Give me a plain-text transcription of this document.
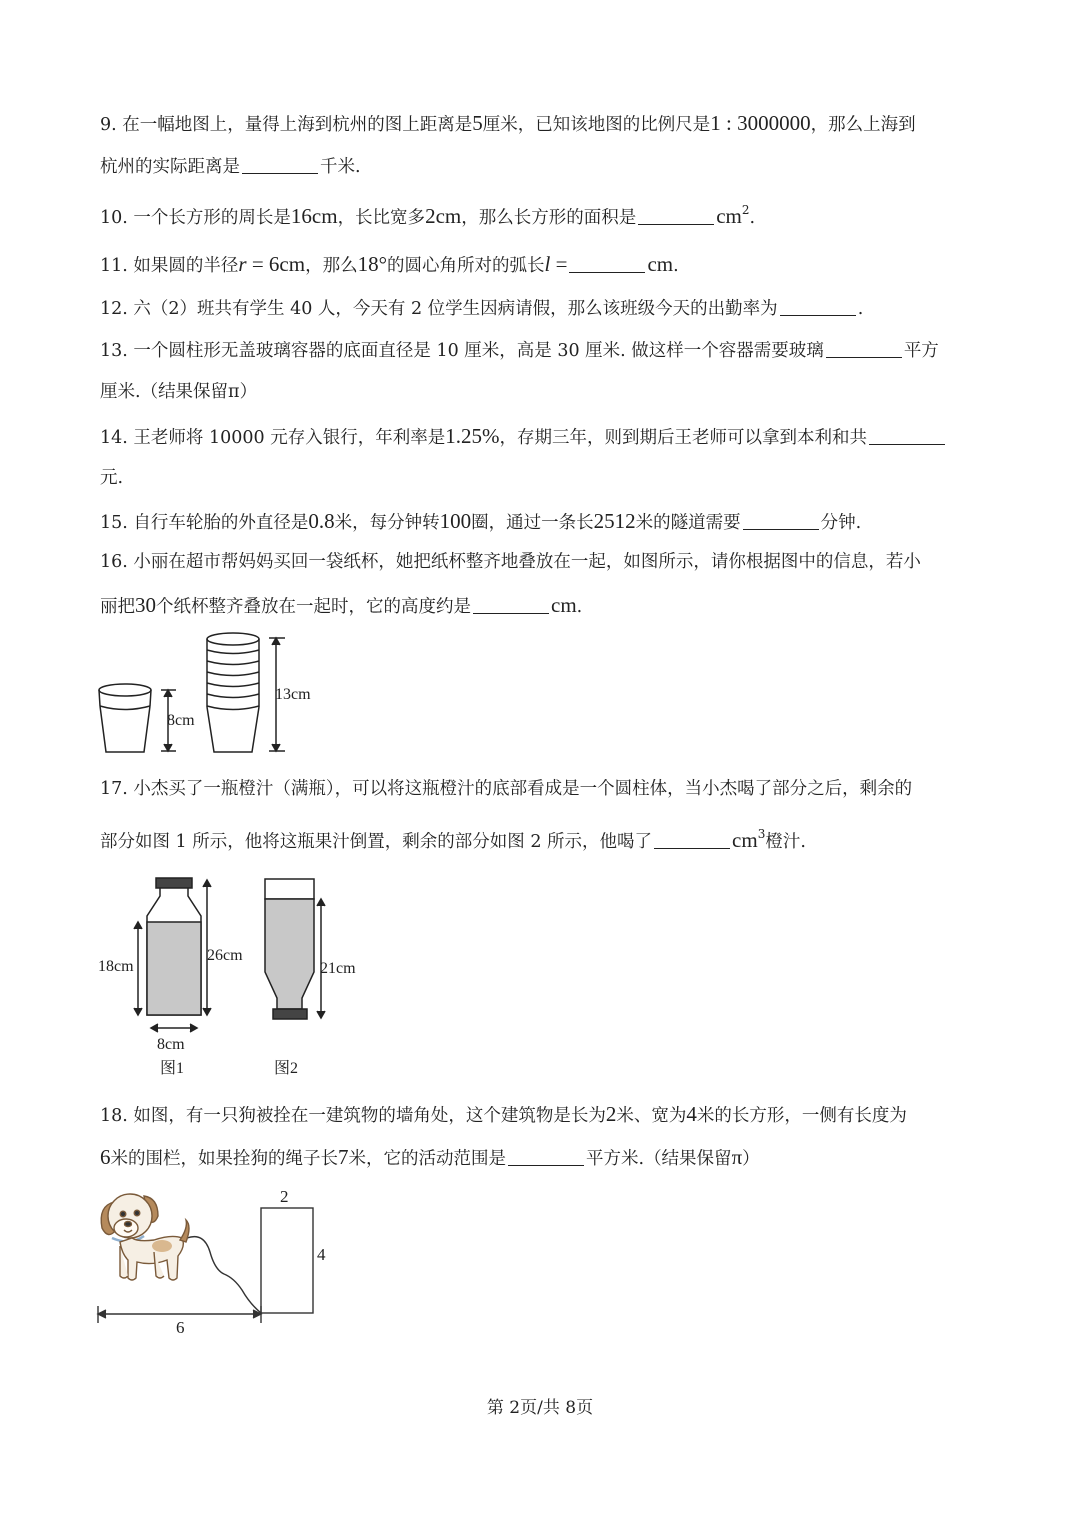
9. 在一幅地图上，量得上海到杭州的图上距离是5厘米，已知该地图的比例尺是1 : 3000000，那么上海到
杭州的实际距离是	千米.
10. 一个长方形的周长是16cm，长比宽多2cm，那么长方形的面积是	$cm^2$.
11. 如果圆的半径r = 6cm，那么18°的圆心角所对的弧长l =	cm.
12. 六（2）班共有学生 40 人，今天有 2 位学生因病请假，那么该班级今天的出勤率为	.
13. 一个圆柱形无盖玻璃容器的底面直径是 10 厘米，高是 30 厘米. 做这样一个容器需要玻璃	平方
厘米.（结果保留π）
14. 王老师将 10000 元存入银行，年利率是1.25%，存期三年，则到期后王老师可以拿到本利和共
元.
15. 自行车轮胎的外直径是0.8米，每分钟转100圈，通过一条长2512米的隧道需要	分钟.
16. 小丽在超市帮妈妈买回一袋纸杯，她把纸杯整齐地叠放在一起，如图所示，请你根据图中的信息，若小
丽把30个纸杯整齐叠放在一起时，它的高度约是	cm.
8cm
13cm
17. 小杰买了一瓶橙汁（满瓶），可以将这瓶橙汁的底部看成是一个圆柱体，当小杰喝了部分之后，剩余的
部分如图 1 所示，他将这瓶果汁倒置，剩余的部分如图 2 所示，他喝了	$cm^3$橙汁.
18cm
26cm
8cm
21cm
图1	图2
18. 如图，有一只狗被拴在一建筑物的墙角处，这个建筑物是长为2米、宽为4米的长方形，一侧有长度为
6米的围栏，如果拴狗的绳子长7米，它的活动范围是	平方米.（结果保留π）
2
4
6
第 2页/共 8页
